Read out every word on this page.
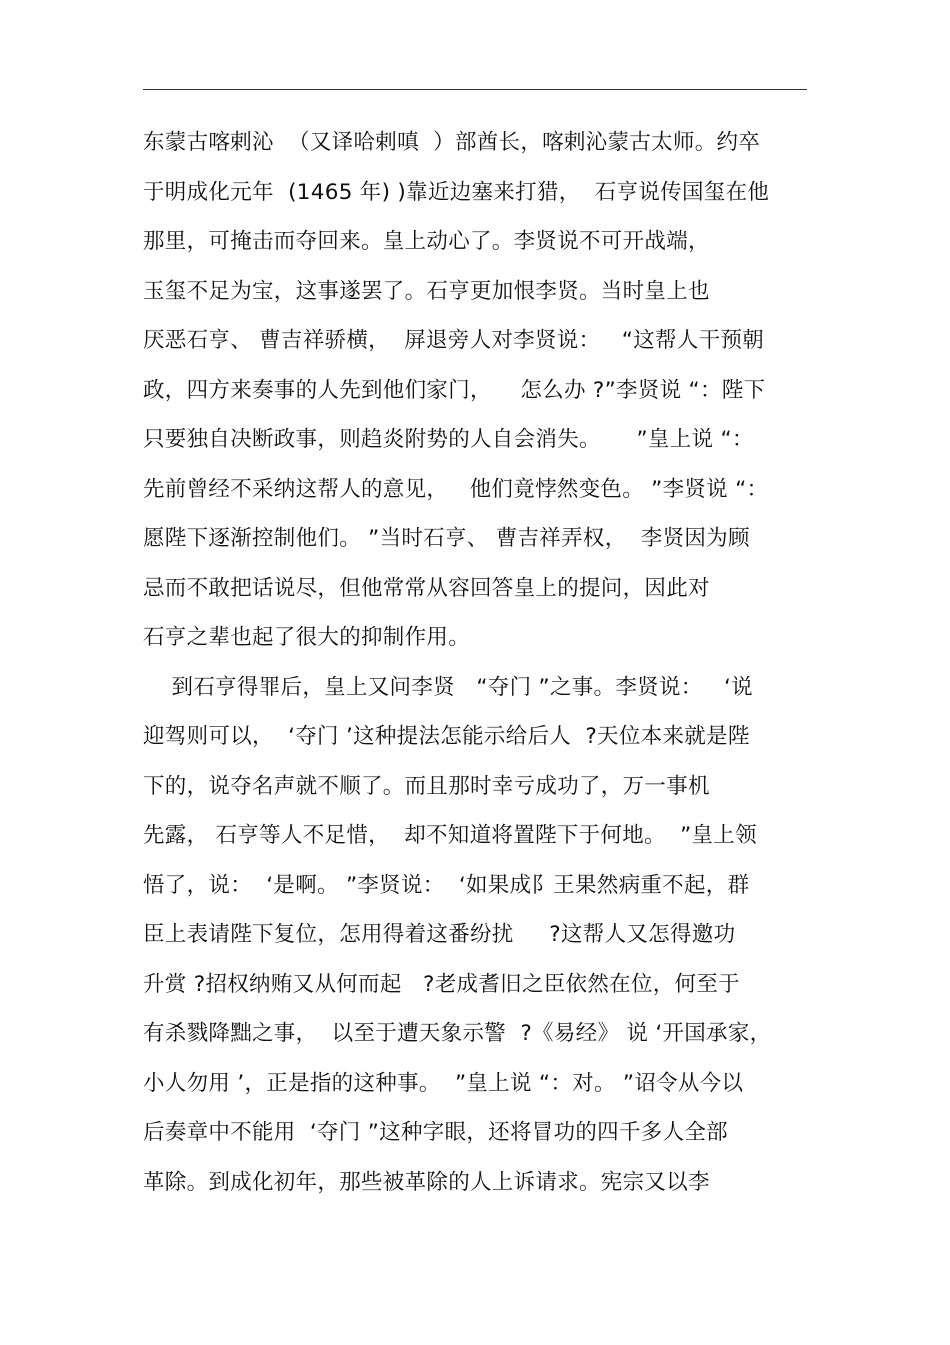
东蒙古喀剌沁  （又译哈剌嗔  ）部酋长，喀剌沁蒙古太师。约卒
于明成化元年  (1465 年) )靠近边塞来打猎，  石亨说传国玺在他
那里，可掩击而夺回来。皇上动心了。李贤说不可开战端，
玉玺不足为宝，这事遂罢了。石亨更加恨李贤。当时皇上也
厌恶石亨、 曹吉祥骄横，  屏退旁人对李贤说：   “这帮人干预朝
政，四方来奏事的人先到他们家门，    怎么办 ?”李贤说 “：陛下
只要独自决断政事，则趋炎附势的人自会消失。     ”皇上说 “：
先前曾经不采纳这帮人的意见，   他们竟悖然变色。 ”李贤说 “：
愿陛下逐渐控制他们。 ”当时石亨、 曹吉祥弄权，  李贤因为顾
忌而不敢把话说尽，但他常常从容回答皇上的提问，因此对
石亨之辈也起了很大的抑制作用。
到石亨得罪后，皇上又问李贤   “夺门 ”之事。李贤说：   ‘说
迎驾则可以，  ‘夺门 ’这种提法怎能示给后人  ?天位本来就是陛
下的，说夺名声就不顺了。而且那时幸亏成功了，万一事机
先露， 石亨等人不足惜，  却不知道将置陛下于何地。  ”皇上领
悟了，说：  ‘是啊。 ”李贤说：  ‘如果成阝王果然病重不起，群
臣上表请陛下复位，怎用得着这番纷扰     ?这帮人又怎得邀功
升赏 ?招权纳贿又从何而起   ?老成耆旧之臣依然在位，何至于
有杀戮降黜之事，  以至于遭天象示警  ?《易经》 说 ‘开国承家，
小人勿用 ’，正是指的这种事。  ”皇上说 “：对。 ”诏令从今以
后奏章中不能用  ‘夺门 ”这种字眼，还将冒功的四千多人全部
革除。到成化初年，那些被革除的人上诉请求。宪宗又以李
